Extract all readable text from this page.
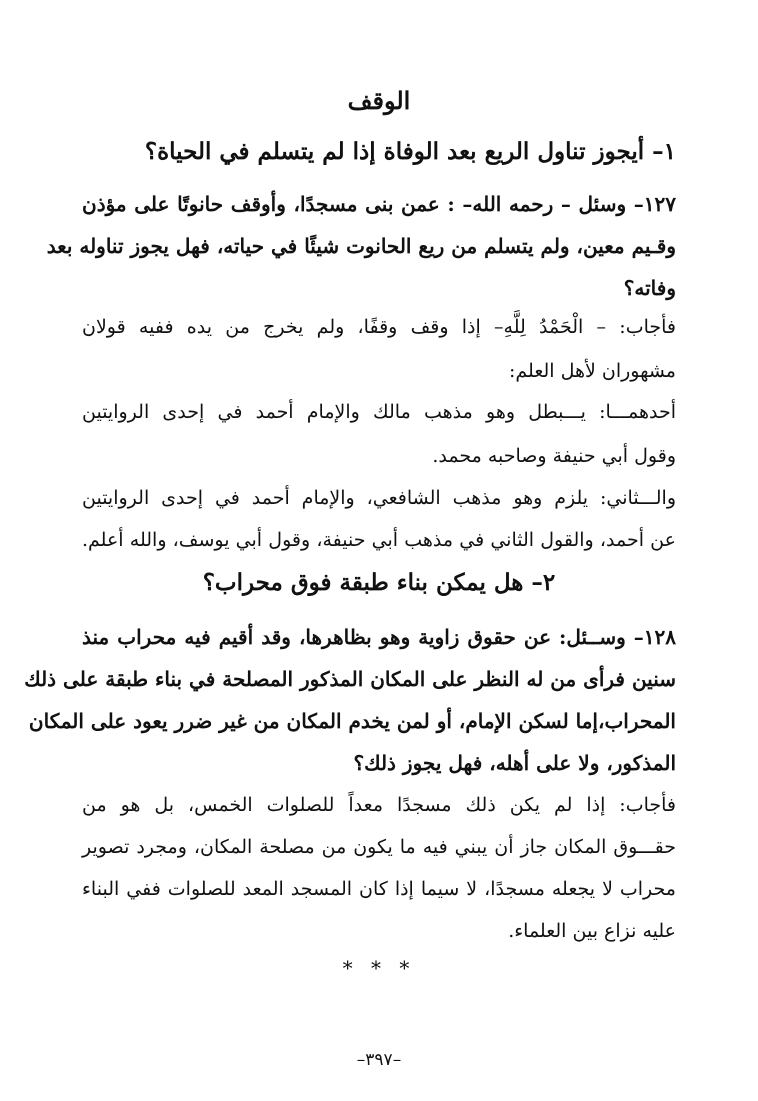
الوقف
١– أيجوز تناول الريع بعد الوفاة إذا لم يتسلم في الحياة؟
١٢٧– وسئل – رحمه الله– : عمن بنى مسجدًا، وأوقف حانوتًا على مؤذن
وقـيم معين، ولم يتسلم من ريع الحانوت شيئًا في حياته، فهل يجوز تناوله بعد
وفاته؟
فأجاب: – الْحَمْدُ لِلَّهِ– إذا وقف وقفًا، ولم يخرج من يده ففيه قولان
مشهوران لأهل العلم:
أحدهمـــا: يـــبطل وهو مذهب مالك والإمام أحمد في إحدى الروايتين
وقول أبي حنيفة وصاحبه محمد.
والـــثاني: يلزم وهو مذهب الشافعي، والإمام أحمد في إحدى الروايتين
عن أحمد، والقول الثاني في مذهب أبي حنيفة، وقول أبي يوسف، والله أعلم.
٢– هل يمكن بناء طبقة فوق محراب؟
١٢٨– وســئل: عن حقوق زاوية وهو بظاهرها، وقد أقيم فيه محراب منذ
سنين فرأى من له النظر على المكان المذكور المصلحة في بناء طبقة على ذلك
المحراب،إما لسكن الإمام، أو لمن يخدم المكان من غير ضرر يعود على المكان
المذكور، ولا على أهله، فهل يجوز ذلك؟
فأجاب: إذا لم يكن ذلك مسجدًا معداً للصلوات الخمس، بل هو من
حقـــوق المكان جاز أن يبني فيه ما يكون من مصلحة المكان، ومجرد تصوير
محراب لا يجعله مسجدًا، لا سيما إذا كان المسجد المعد للصلوات ففي البناء
عليه نزاع بين العلماء.
* * *
–٣٩٧–
